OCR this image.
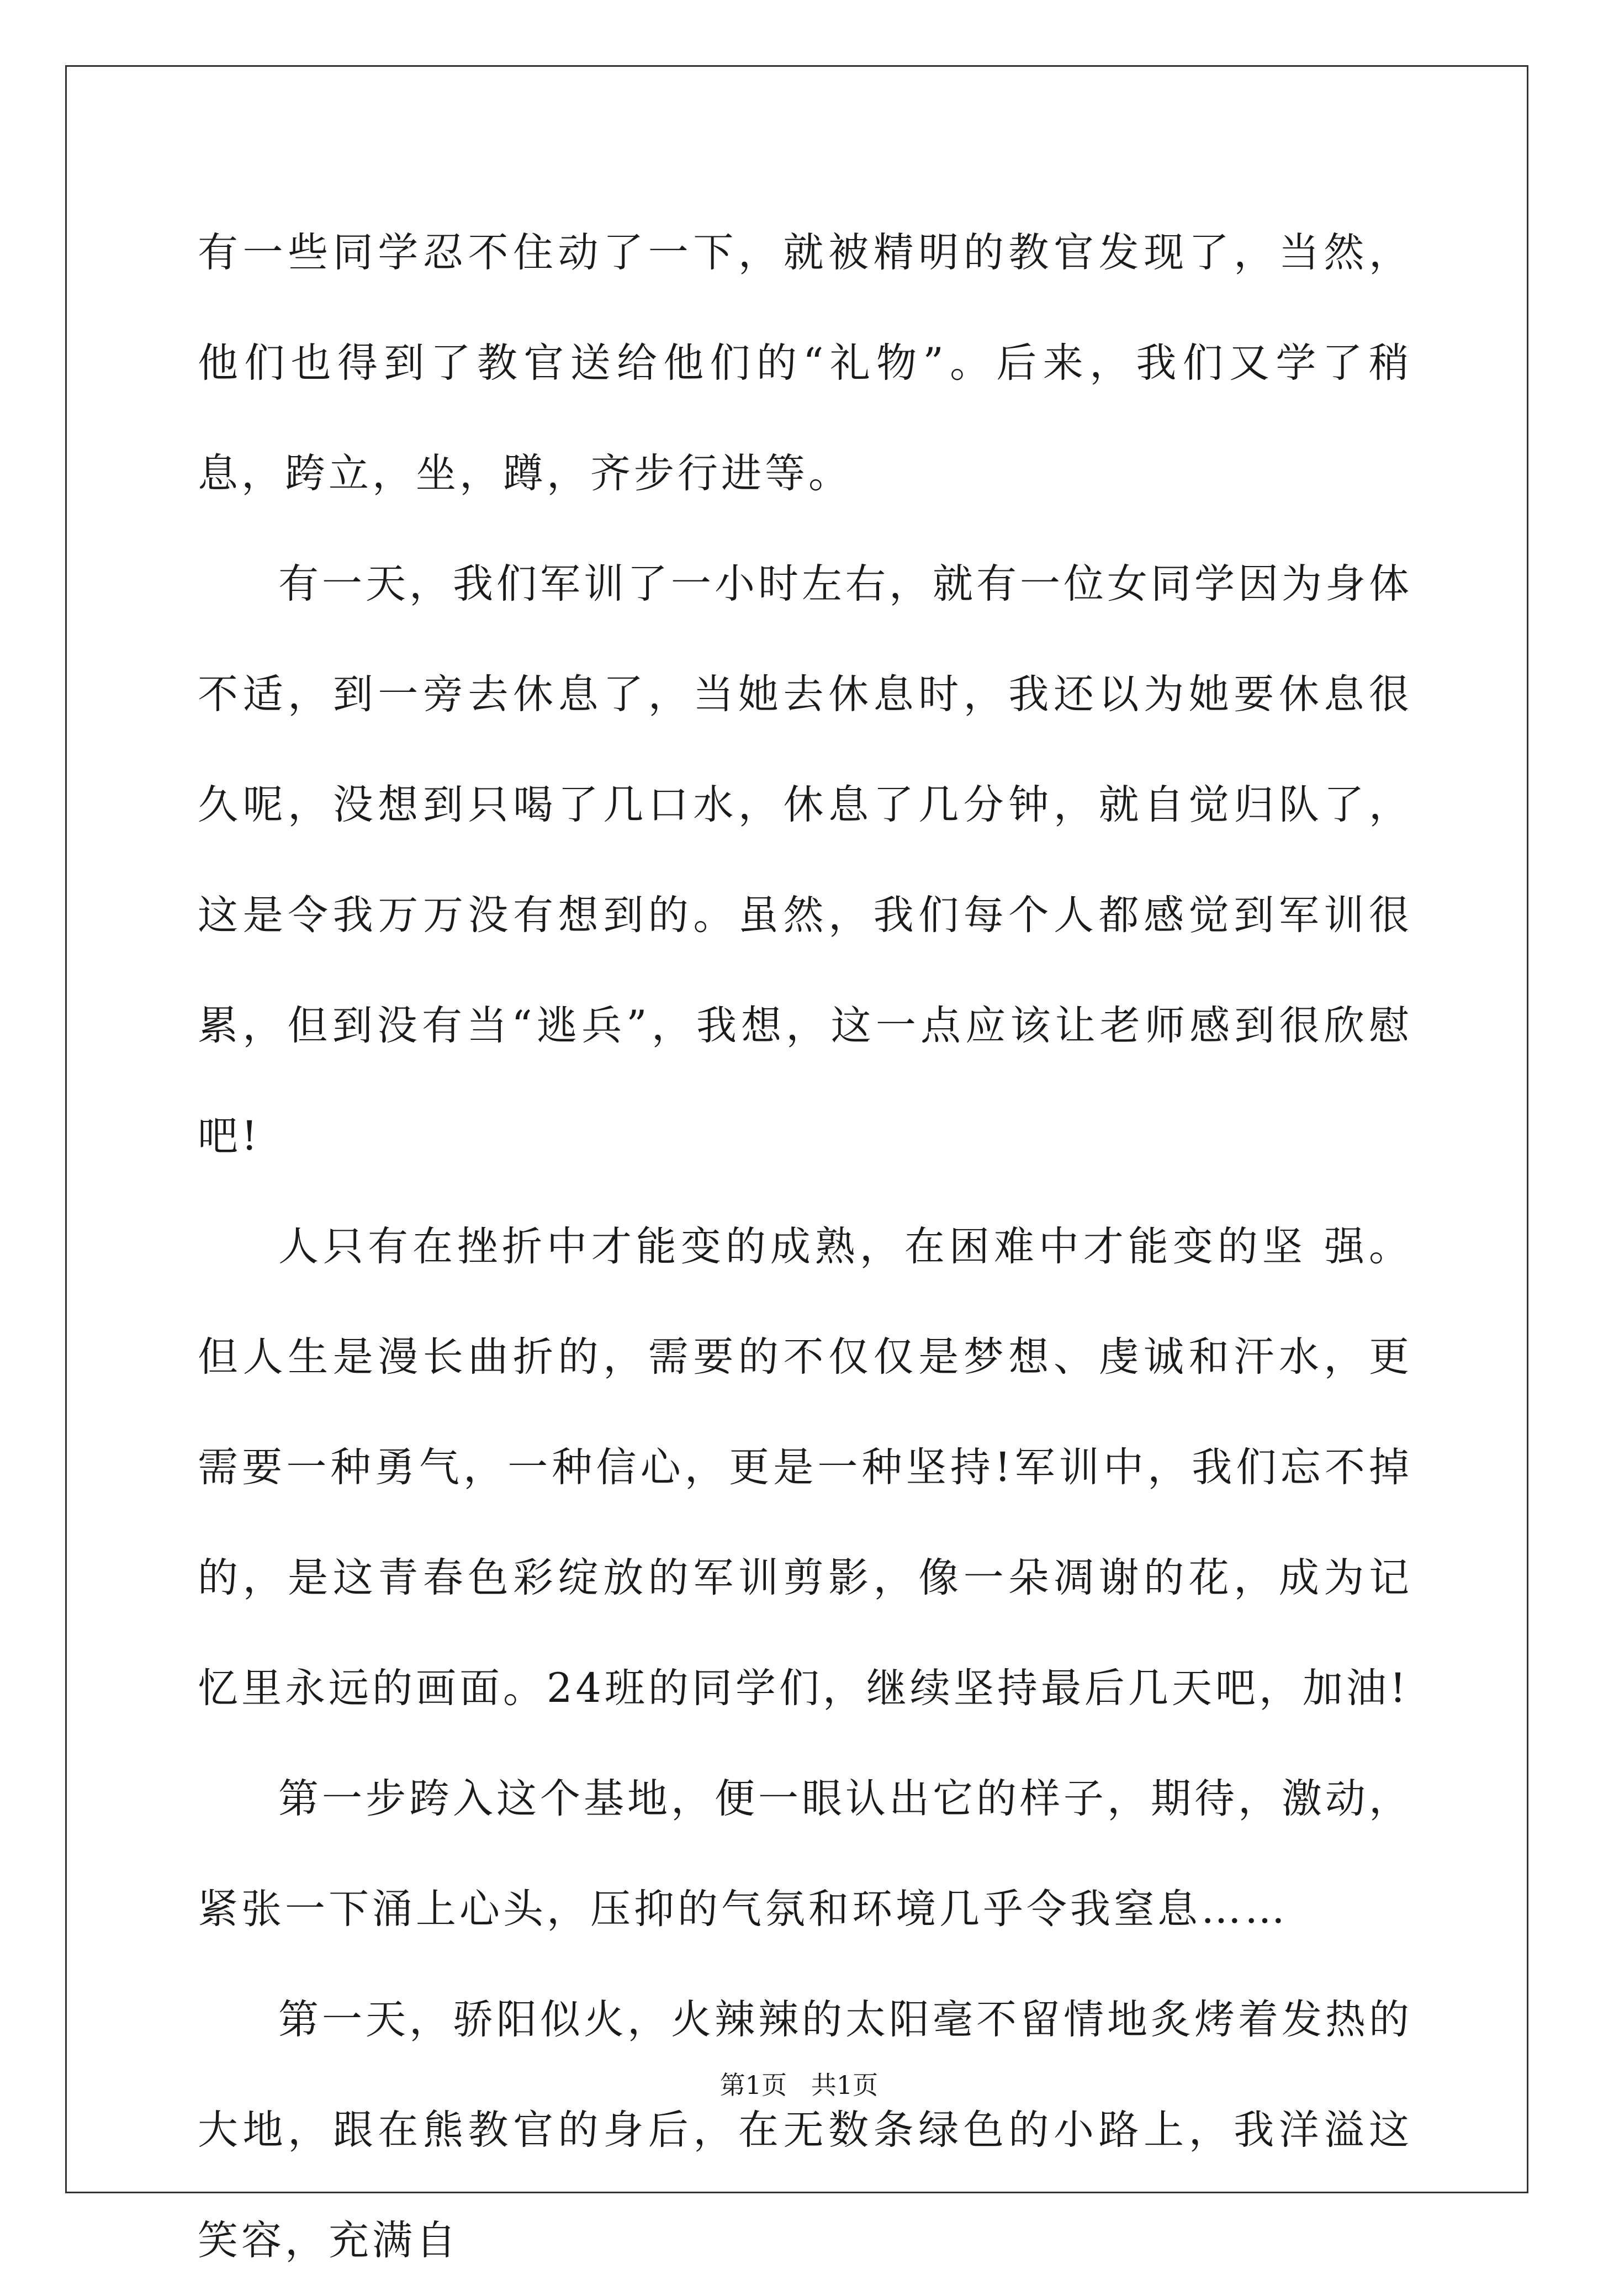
有一些同学忍不住动了一下，就被精明的教官发现了，当然，他们也得到了教官送给他们的“礼物”。后来，我们又学了稍息，跨立，坐，蹲，齐步行进等。

有一天，我们军训了一小时左右，就有一位女同学因为身体不适，到一旁去休息了，当她去休息时，我还以为她要休息很久呢，没想到只喝了几口水，休息了几分钟，就自觉归队了，这是令我万万没有想到的。虽然，我们每个人都感觉到军训很累，但到没有当“逃兵”，我想，这一点应该让老师感到很欣慰吧!

人只有在挫折中才能变的成熟，在困难中才能变的坚 强。但人生是漫长曲折的，需要的不仅仅是梦想、虔诚和汗水，更需要一种勇气，一种信心，更是一种坚持!军训中，我们忘不掉的，是这青春色彩绽放的军训剪影，像一朵凋谢的花，成为记忆里永远的画面。24班的同学们，继续坚持最后几天吧，加油!

第一步跨入这个基地，便一眼认出它的样子，期待，激动，紧张一下涌上心头，压抑的气氛和环境几乎令我窒息……

第一天，骄阳似火，火辣辣的太阳毫不留情地炙烤着发热的大地，跟在熊教官的身后，在无数条绿色的小路上，我洋溢这笑容，充满自

第1页   共1页
